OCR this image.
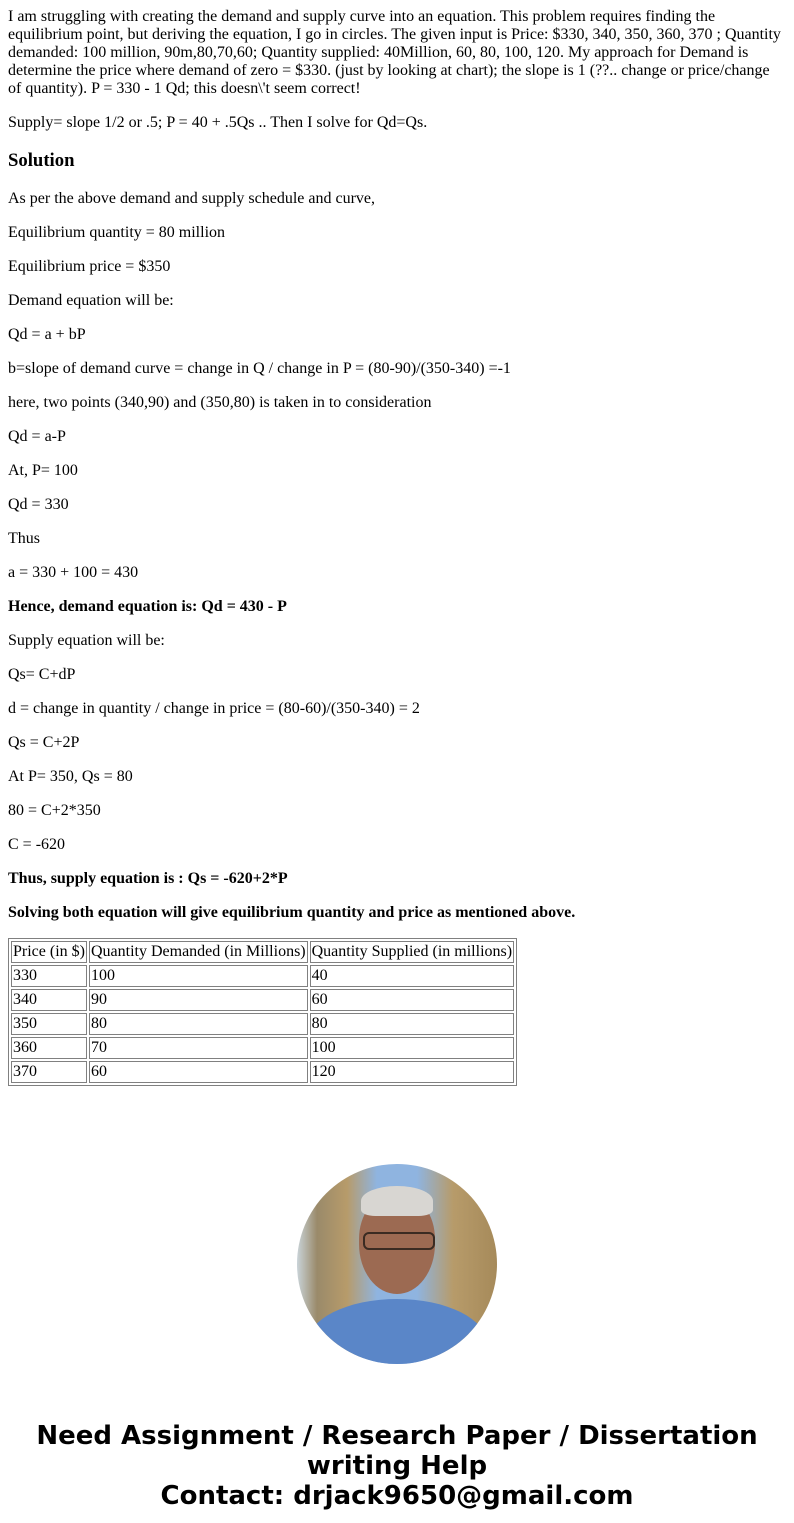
I am struggling with creating the demand and supply curve into an equation. This problem requires finding the equilibrium point, but deriving the equation, I go in circles. The given input is Price: $330, 340, 350, 360, 370 ; Quantity demanded: 100 million, 90m,80,70,60; Quantity supplied: 40Million, 60, 80, 100, 120. My approach for Demand is determine the price where demand of zero = $330. (just by looking at chart); the slope is 1 (??.. change or price/change of quantity). P = 330 - 1 Qd; this doesn\'t seem correct!

Supply= slope 1/2 or .5; P = 40 + .5Qs .. Then I solve for Qd=Qs.

Solution

As per the above demand and supply schedule and curve,

Equilibrium quantity = 80 million

Equilibrium price = $350

Demand equation will be:

Qd = a + bP

b=slope of demand curve = change in Q / change in P = (80-90)/(350-340) =-1

here, two points (340,90) and (350,80) is taken in to consideration

Qd = a-P

At, P= 100

Qd = 330

Thus

a = 330 + 100 = 430

Hence, demand equation is: Qd = 430 - P

Supply equation will be:

Qs= C+dP

d = change in quantity / change in price = (80-60)/(350-340) = 2

Qs = C+2P

At P= 350, Qs = 80

80 = C+2*350

C = -620

Thus, supply equation is : Qs = -620+2*P

Solving both equation will give equilibrium quantity and price as mentioned above.

Price (in $)	Quantity Demanded (in Millions)	Quantity Supplied (in millions)
330	100	40
340	90	60
350	80	80
360	70	100
370	60	120
Need Assignment / Research Paper / Dissertation writing Help
Contact: drjack9650@gmail.com
